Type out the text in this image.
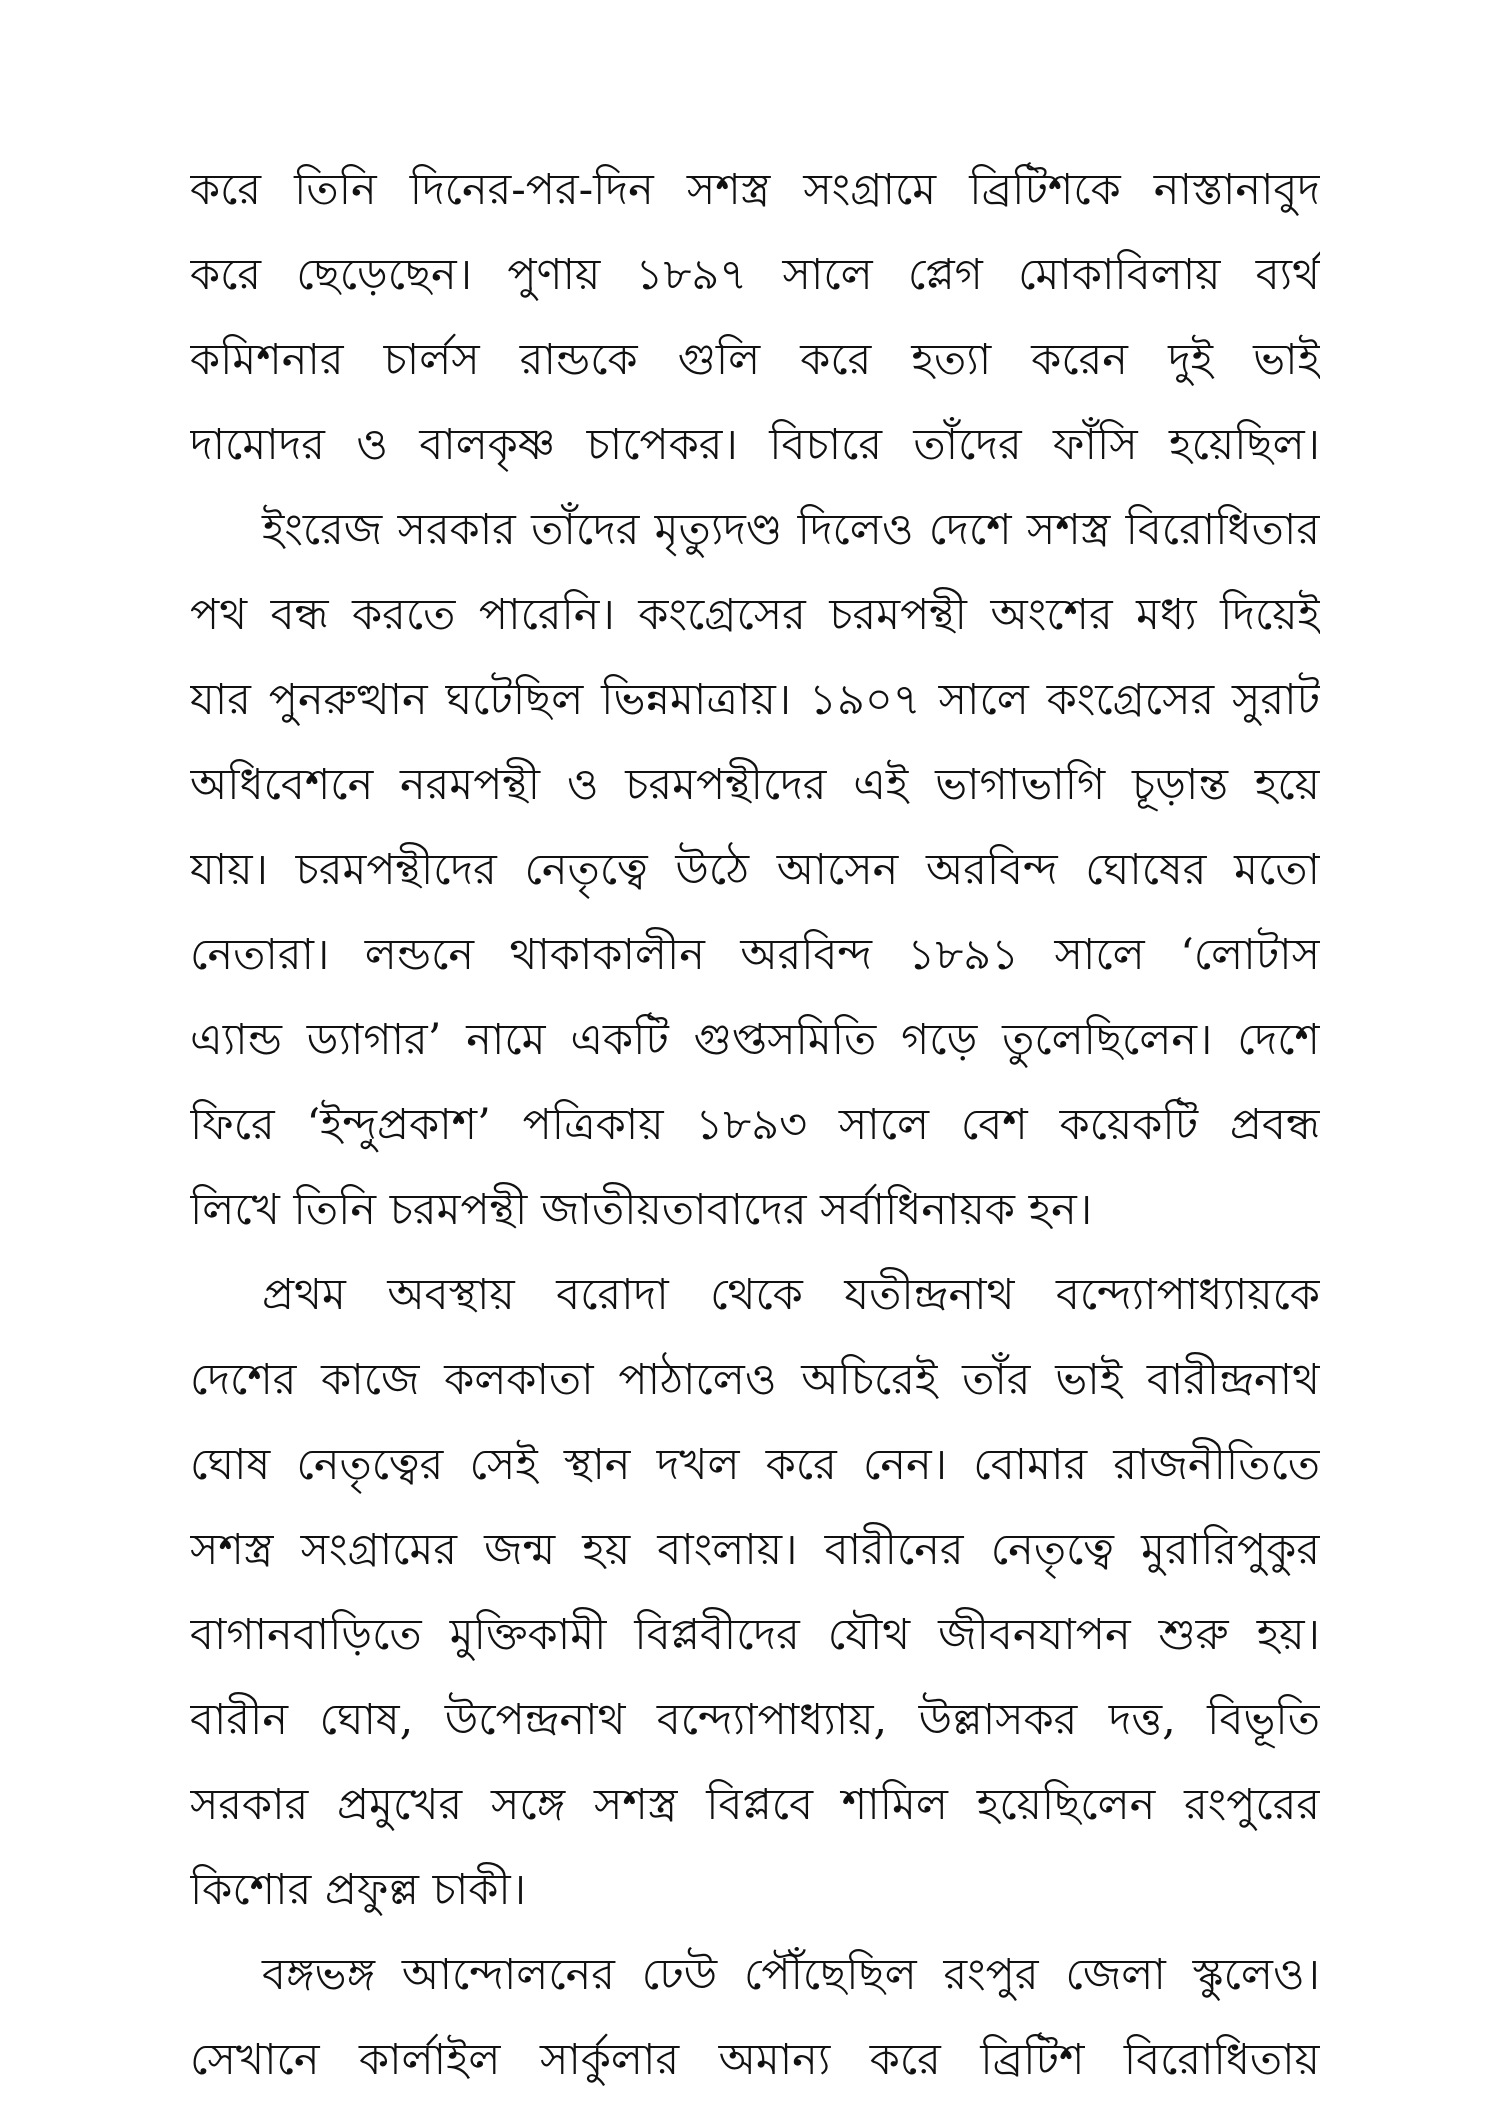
করে তিনি দিনের-পর-দিন সশস্ত্র সংগ্রামে ব্রিটিশকে নাস্তানাবুদ
করে ছেড়েছেন। পুণায় ১৮৯৭ সালে প্লেগ মোকাবিলায় ব্যর্থ
কমিশনার চার্লস রান্ডকে গুলি করে হত্যা করেন দুই ভাই
দামোদর ও বালকৃষ্ণ চাপেকর। বিচারে তাঁদের ফাঁসি হয়েছিল।
ইংরেজ সরকার তাঁদের মৃত্যুদণ্ড দিলেও দেশে সশস্ত্র বিরোধিতার
পথ বন্ধ করতে পারেনি। কংগ্রেসের চরমপন্থী অংশের মধ্য দিয়েই
যার পুনরুত্থান ঘটেছিল ভিন্নমাত্রায়। ১৯০৭ সালে কংগ্রেসের সুরাট
অধিবেশনে নরমপন্থী ও চরমপন্থীদের এই ভাগাভাগি চূড়ান্ত হয়ে
যায়। চরমপন্থীদের নেতৃত্বে উঠে আসেন অরবিন্দ ঘোষের মতো
নেতারা। লন্ডনে থাকাকালীন অরবিন্দ ১৮৯১ সালে ‘লোটাস
এ্যান্ড ড্যাগার’ নামে একটি গুপ্তসমিতি গড়ে তুলেছিলেন। দেশে
ফিরে ‘ইন্দুপ্রকাশ’ পত্রিকায় ১৮৯৩ সালে বেশ কয়েকটি প্রবন্ধ
লিখে তিনি চরমপন্থী জাতীয়তাবাদের সর্বাধিনায়ক হন।
প্রথম অবস্থায় বরোদা থেকে যতীন্দ্রনাথ বন্দ্যোপাধ্যায়কে
দেশের কাজে কলকাতা পাঠালেও অচিরেই তাঁর ভাই বারীন্দ্রনাথ
ঘোষ নেতৃত্বের সেই স্থান দখল করে নেন। বোমার রাজনীতিতে
সশস্ত্র সংগ্রামের জন্ম হয় বাংলায়। বারীনের নেতৃত্বে মুরারিপুকুর
বাগানবাড়িতে মুক্তিকামী বিপ্লবীদের যৌথ জীবনযাপন শুরু হয়।
বারীন ঘোষ, উপেন্দ্রনাথ বন্দ্যোপাধ্যায়, উল্লাসকর দত্ত, বিভূতি
সরকার প্রমুখের সঙ্গে সশস্ত্র বিপ্লবে শামিল হয়েছিলেন রংপুরের
কিশোর প্রফুল্ল চাকী।
বঙ্গভঙ্গ আন্দোলনের ঢেউ পৌঁছেছিল রংপুর জেলা স্কুলেও।
সেখানে কার্লাইল সার্কুলার অমান্য করে ব্রিটিশ বিরোধিতায়
